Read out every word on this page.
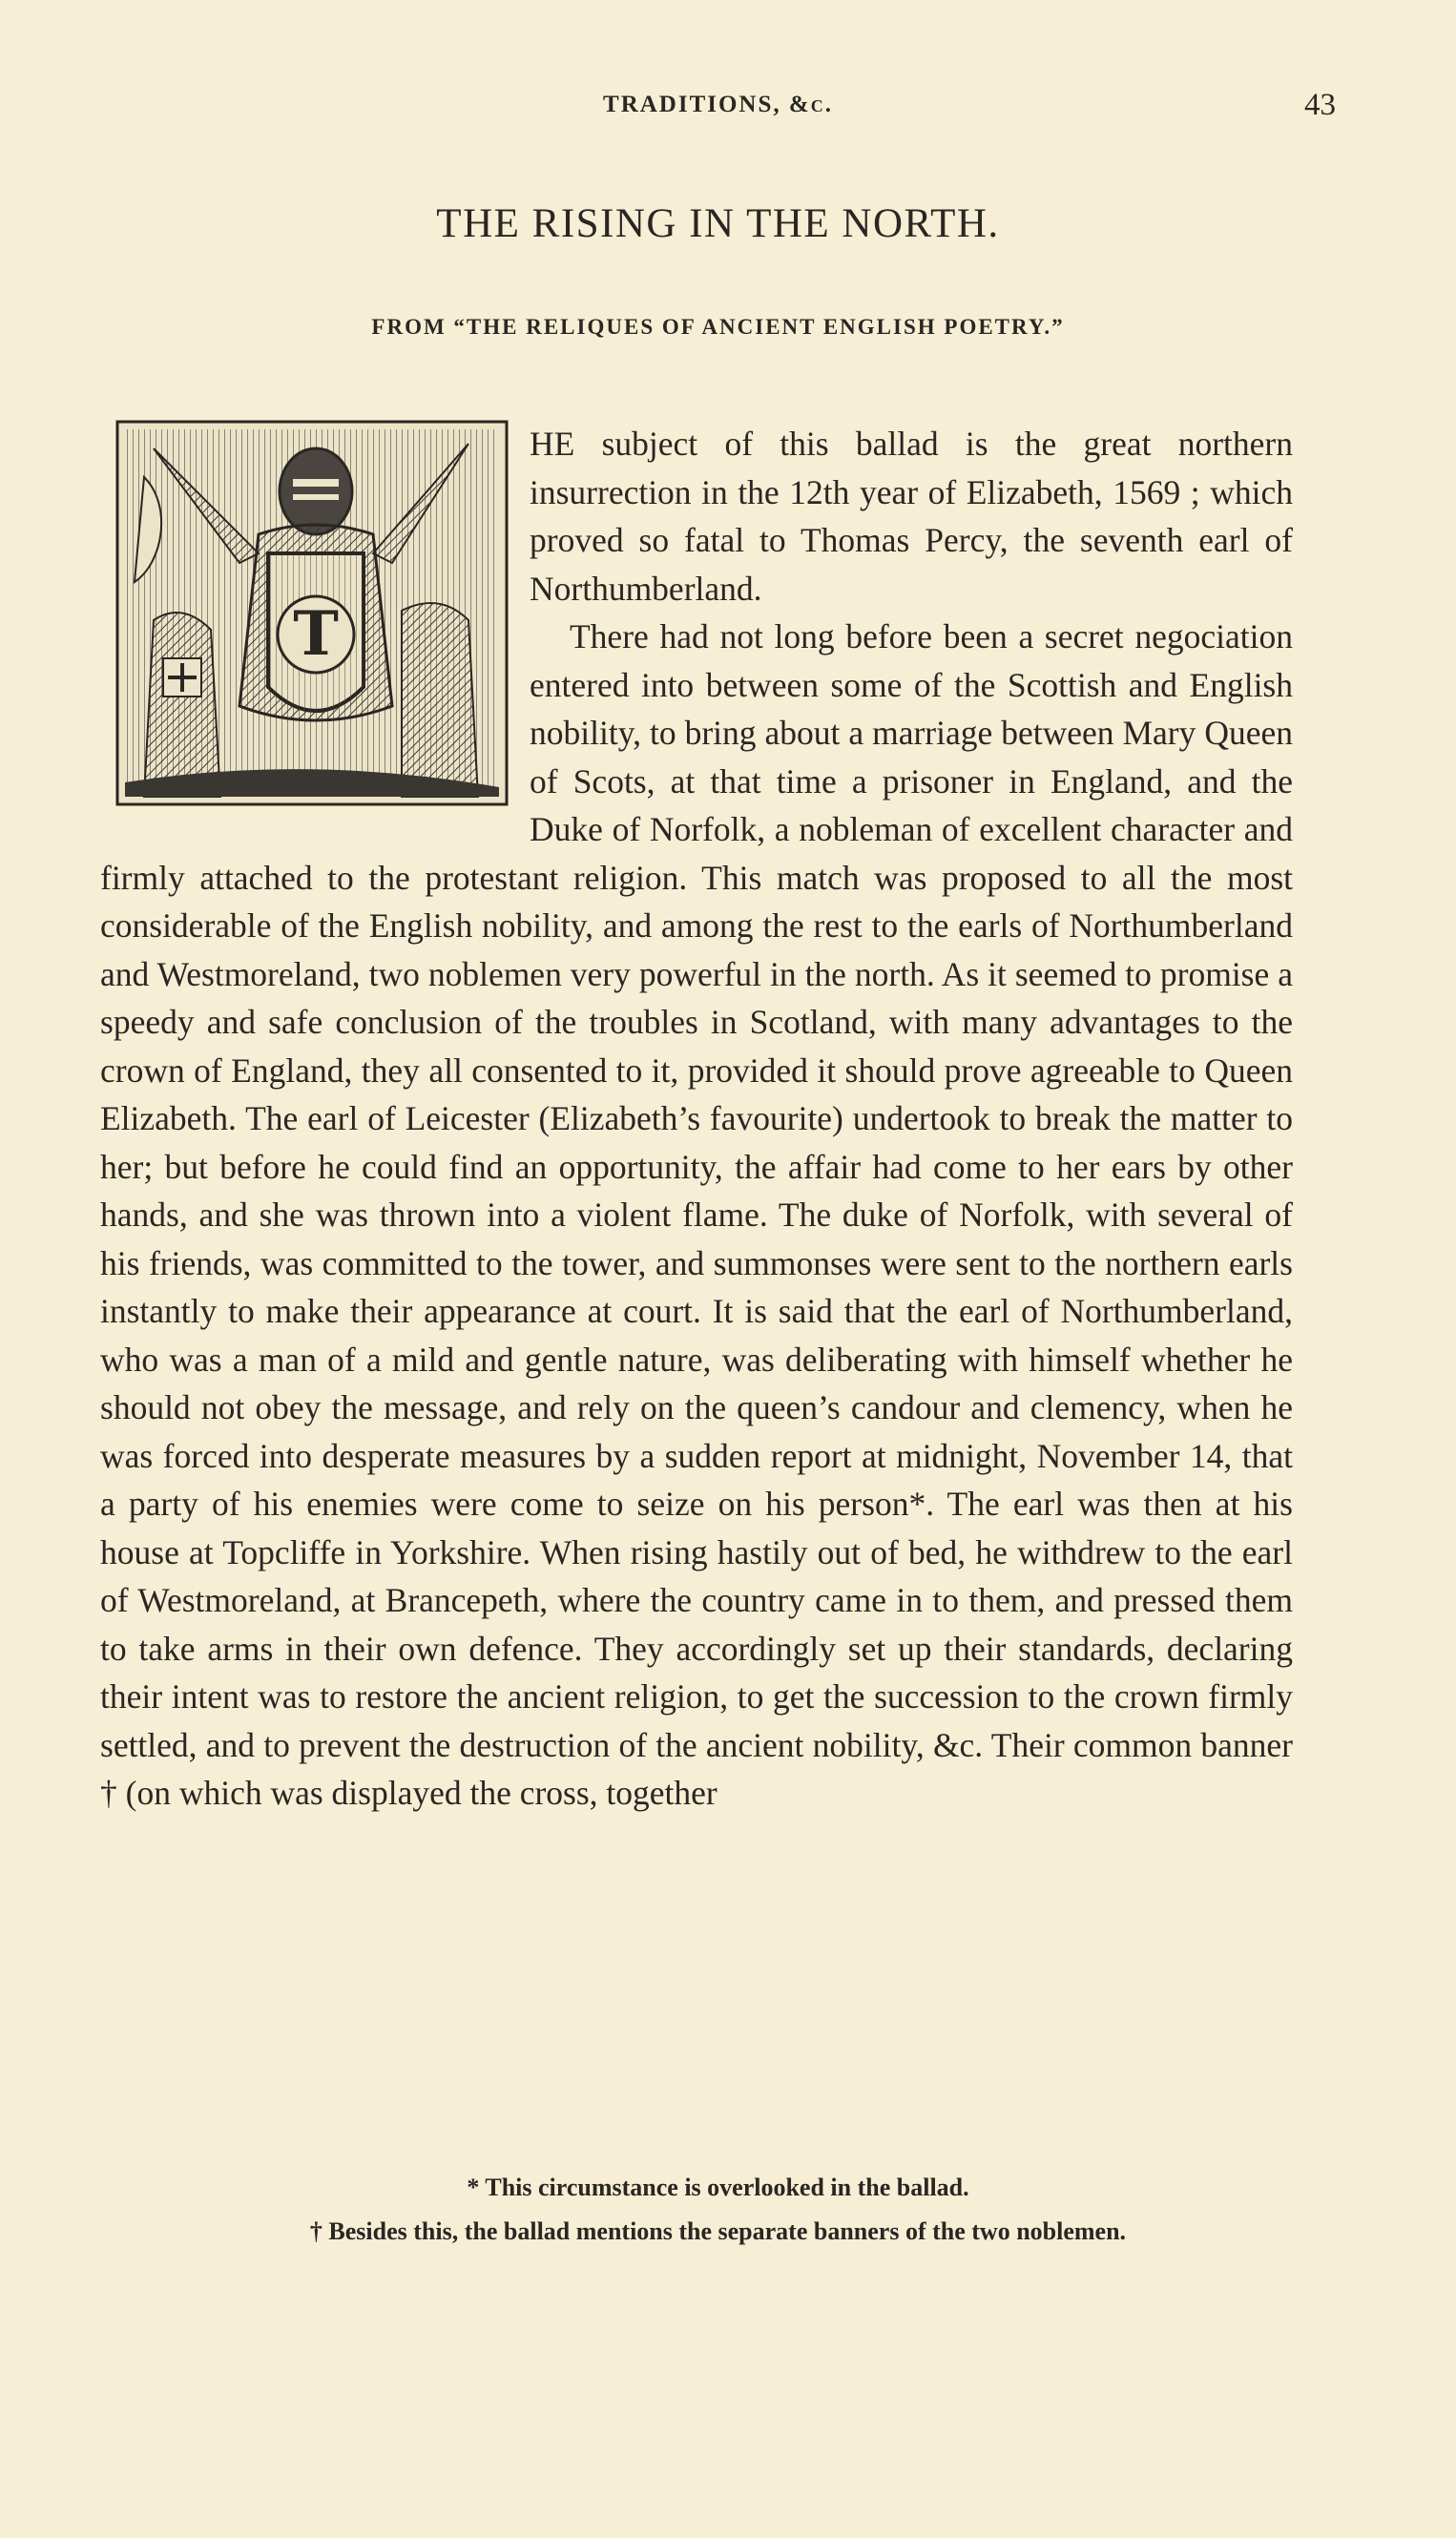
TRADITIONS, &c.	43
THE RISING IN THE NORTH.
FROM “THE RELIQUES OF ANCIENT ENGLISH POETRY.”
T

HE subject of this ballad is the great northern insurrection in the 12th year of Elizabeth, 1569 ; which proved so fatal to Thomas Percy, the seventh earl of Northumberland.

There had not long before been a secret negociation entered into between some of the Scottish and English nobility, to bring about a marriage between Mary Queen of Scots, at that time a prisoner in England, and the Duke of Norfolk, a nobleman of excellent character and firmly attached to the protestant religion. This match was proposed to all the most considerable of the English nobility, and among the rest to the earls of Northumberland and Westmoreland, two noblemen very powerful in the north. As it seemed to promise a speedy and safe conclusion of the troubles in Scotland, with many advantages to the crown of England, they all consented to it, provided it should prove agreeable to Queen Elizabeth. The earl of Leicester (Elizabeth’s favourite) undertook to break the matter to her; but before he could find an opportunity, the affair had come to her ears by other hands, and she was thrown into a violent flame. The duke of Norfolk, with several of his friends, was committed to the tower, and summonses were sent to the northern earls instantly to make their appearance at court. It is said that the earl of Northumberland, who was a man of a mild and gentle nature, was deliberating with himself whether he should not obey the message, and rely on the queen’s candour and clemency, when he was forced into desperate measures by a sudden report at midnight, November 14, that a party of his enemies were come to seize on his person*. The earl was then at his house at Topcliffe in Yorkshire. When rising hastily out of bed, he withdrew to the earl of Westmoreland, at Brancepeth, where the country came in to them, and pressed them to take arms in their own defence. They accordingly set up their standards, declaring their intent was to restore the ancient religion, to get the succession to the crown firmly settled, and to prevent the destruction of the ancient nobility, &c. Their common banner † (on which was displayed the cross, together

* This circumstance is overlooked in the ballad.
† Besides this, the ballad mentions the separate banners of the two noblemen.
